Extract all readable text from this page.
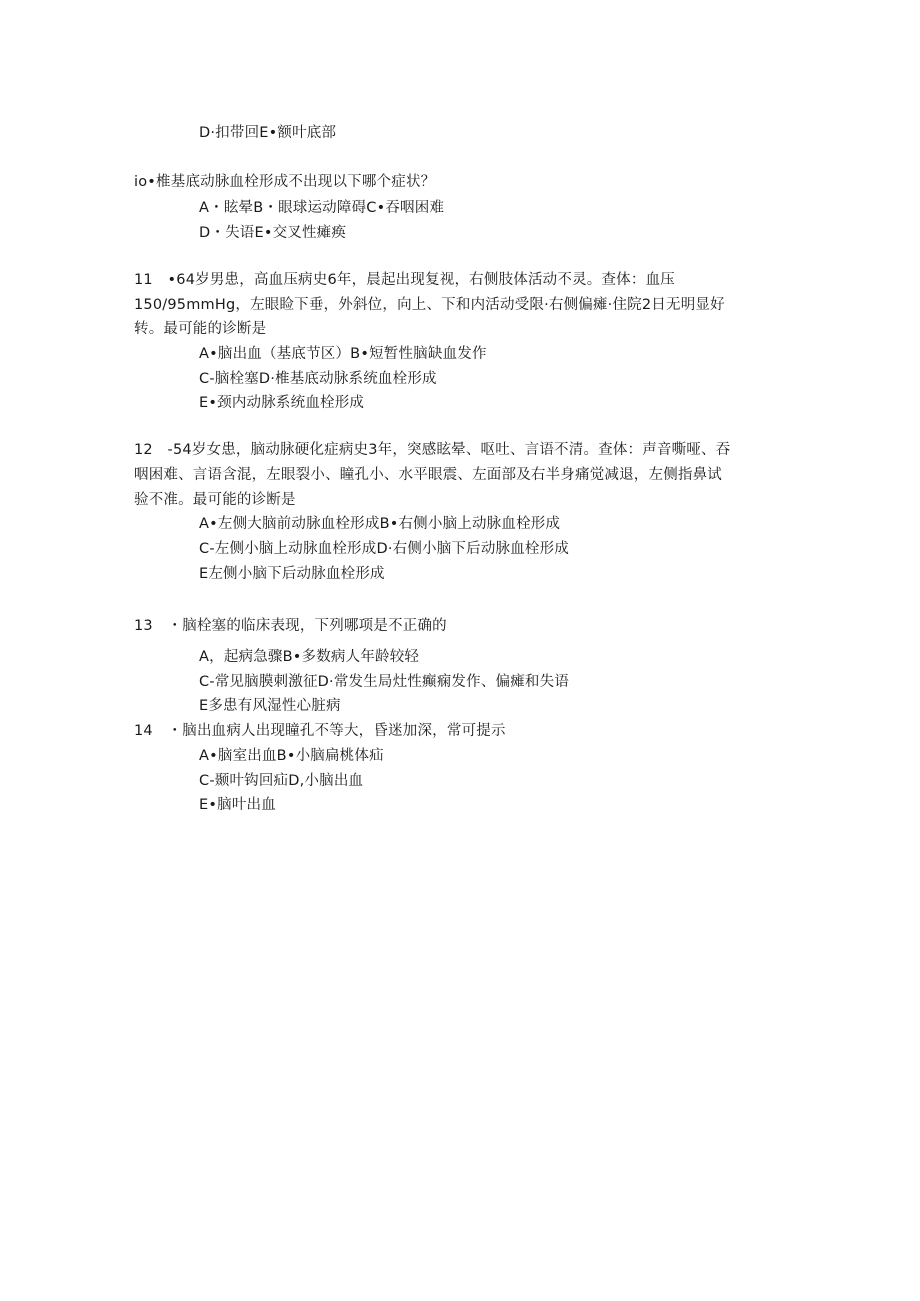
D·扣带回E•额叶底部
io•椎基底动脉血栓形成不出现以下哪个症状？
A・眩晕B・眼球运动障碍C•吞咽困难
D・失语E•交叉性瘫痪
11　•64岁男患，高血压病史6年，晨起出现复视，右侧肢体活动不灵。查体：血压
150/95mmHg，左眼睑下垂，外斜位，向上、下和内活动受限·右侧偏瘫·住院2日无明显好
转。最可能的诊断是
A•脑出血（基底节区）B•短暂性脑缺血发作
C-脑栓塞D·椎基底动脉系统血栓形成
E•颈内动脉系统血栓形成
12　-54岁女患，脑动脉硬化症病史3年，突感眩晕、呕吐、言语不清。查体：声音嘶哑、吞
咽困难、言语含混，左眼裂小、瞳孔小、水平眼震、左面部及右半身痛觉减退，左侧指鼻试
验不准。最可能的诊断是
A•左侧大脑前动脉血栓形成B•右侧小脑上动脉血栓形成
C-左侧小脑上动脉血栓形成D·右侧小脑下后动脉血栓形成
E左侧小脑下后动脉血栓形成
13　・脑栓塞的临床表现，下列哪项是不正确的
A，起病急骤B•多数病人年龄较轻
C-常见脑膜刺激征D·常发生局灶性癫痫发作、偏瘫和失语
E多患有风湿性心脏病
14　・脑出血病人出现瞳孔不等大，昏迷加深，常可提示
A•脑室出血B•小脑扁桃体疝
C-颞叶钩回疝D,小脑出血
E•脑叶出血
